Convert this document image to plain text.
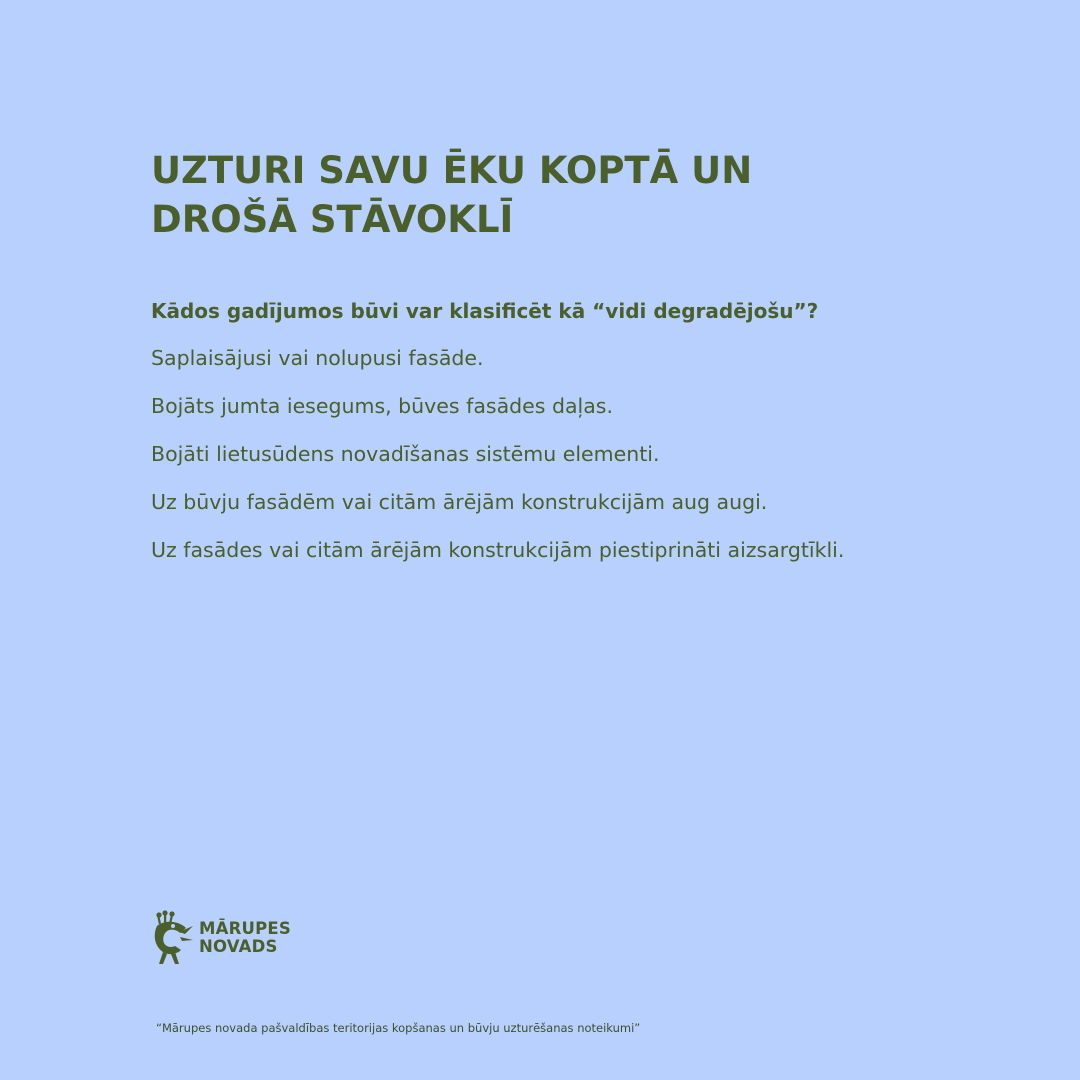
UZTURI SAVU ĒKU KOPTĀ UN DROŠĀ STĀVOKLĪ

Kādos gadījumos būvi var klasificēt kā “vidi degradējošu”?

Saplaisājusi vai nolupusi fasāde.
Bojāts jumta iesegums, būves fasādes daļas.
Bojāti lietusūdens novadīšanas sistēmu elementi.
Uz būvju fasādēm vai citām ārējām konstrukcijām aug augi.
Uz fasādes vai citām ārējām konstrukcijām piestiprināti aizsargtīkli.
MĀRUPES
NOVADS

“Mārupes novada pašvaldības teritorijas kopšanas un būvju uzturēšanas noteikumi”
